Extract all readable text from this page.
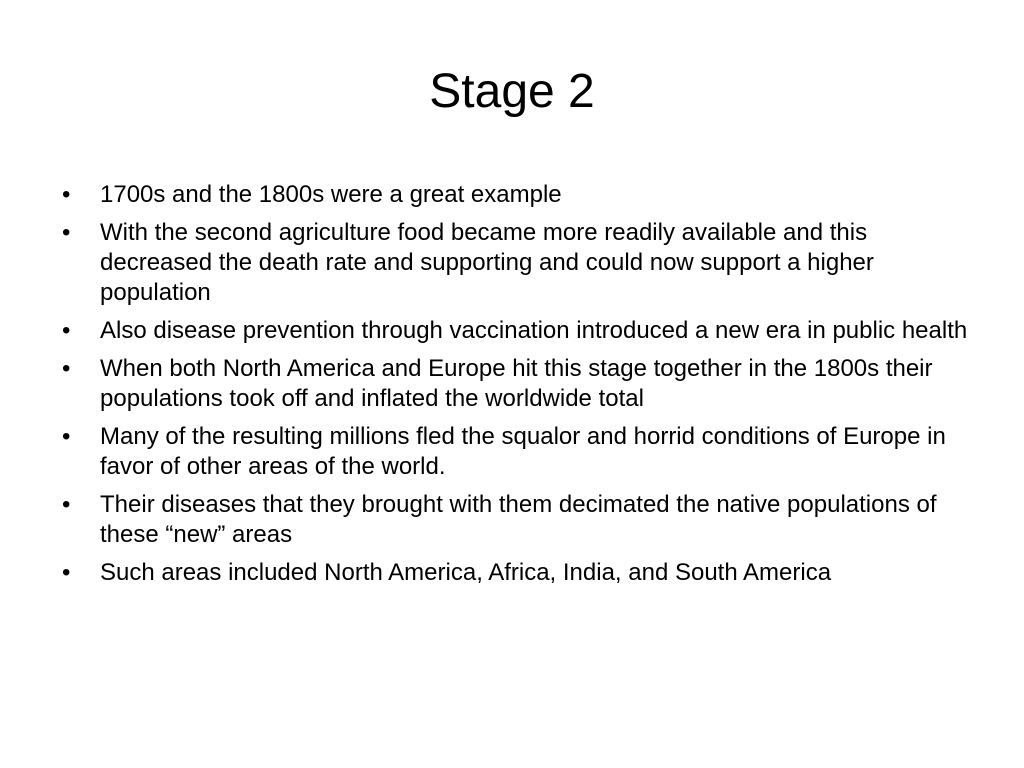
Stage 2
•	1700s and the 1800s were a great example
•	With the second agriculture food became more readily available and this decreased the death rate and supporting and could now support a higher population
•	Also disease prevention through vaccination introduced a new era in public health
•	When both North America and Europe hit this stage together in the 1800s their populations took off and inflated the worldwide total
•	Many of the resulting millions fled the squalor and horrid conditions of Europe in favor of other areas of the world.
•	Their diseases that they brought with them decimated the native populations of these “new” areas
•	Such areas included North America, Africa, India, and South America
